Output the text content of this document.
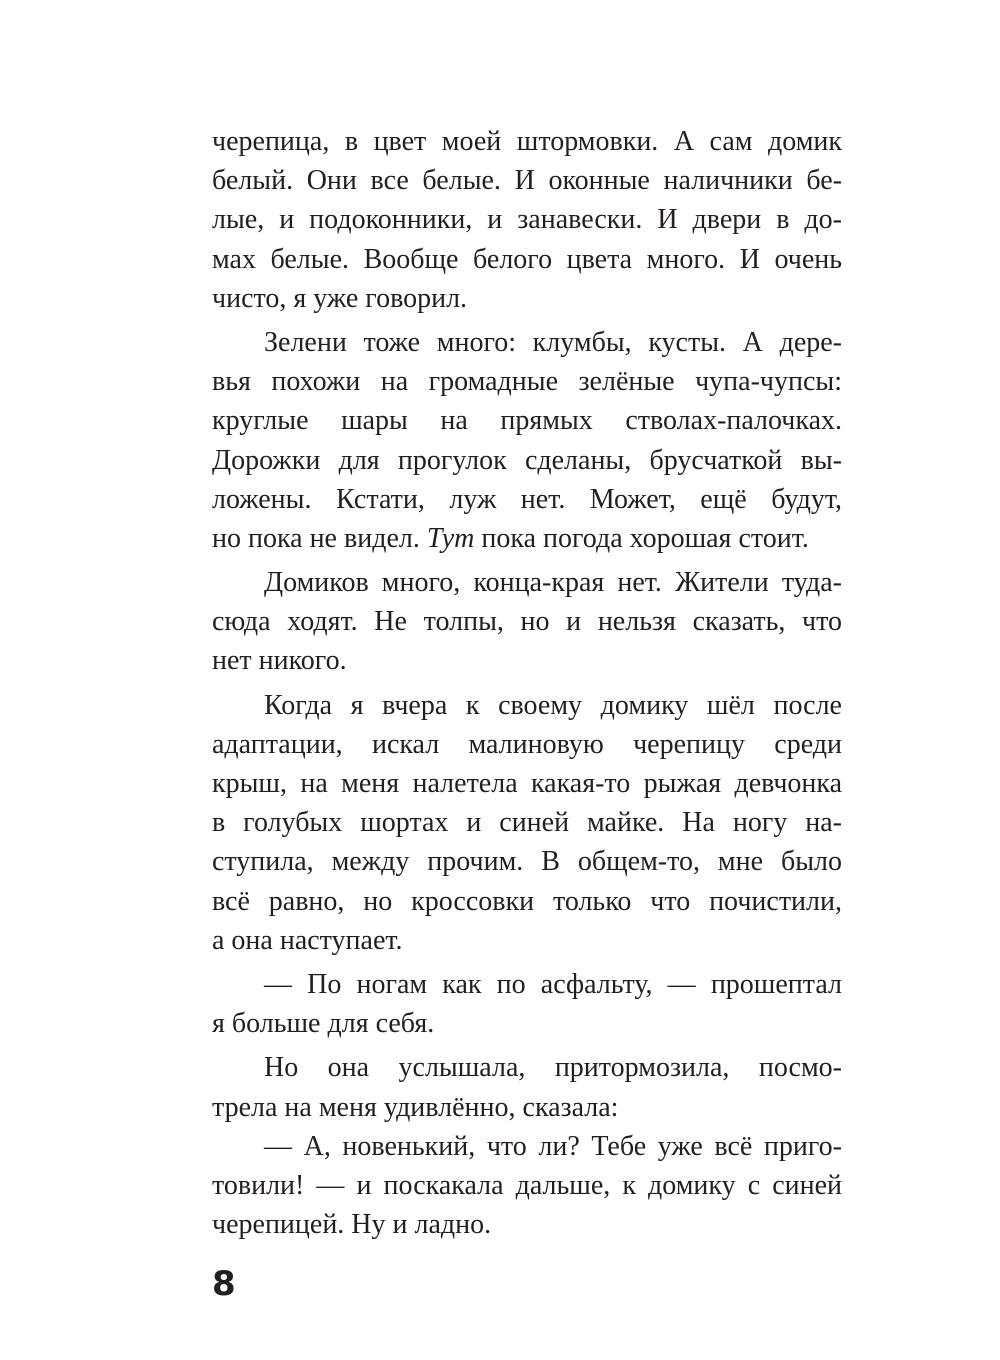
черепица, в цвет моей штормовки. А сам домик
белый. Они все белые. И оконные наличники бе-
лые, и подоконники, и занавески. И двери в до-
мах белые. Вообще белого цвета много. И очень
чисто, я уже говорил.
Зелени тоже много: клумбы, кусты. А дере-
вья похожи на громадные зелёные чупа-чупсы:
круглые шары на прямых стволах-палочках.
Дорожки для прогулок сделаны, брусчаткой вы-
ложены. Кстати, луж нет. Может, ещё будут,
но пока не видел. Тут пока погода хорошая стоит.
Домиков много, конца-края нет. Жители туда-
сюда ходят. Не толпы, но и нельзя сказать, что
нет никого.
Когда я вчера к своему домику шёл после
адаптации, искал малиновую черепицу среди
крыш, на меня налетела какая-то рыжая девчонка
в голубых шортах и синей майке. На ногу на-
ступила, между прочим. В общем-то, мне было
всё равно, но кроссовки только что почистили,
а она наступает.
— По ногам как по асфальту, — прошептал
я больше для себя.
Но она услышала, притормозила, посмо-
трела на меня удивлённо, сказала:
— А, новенький, что ли? Тебе уже всё приго-
товили! — и поскакала дальше, к домику с синей
черепицей. Ну и ладно.
8
